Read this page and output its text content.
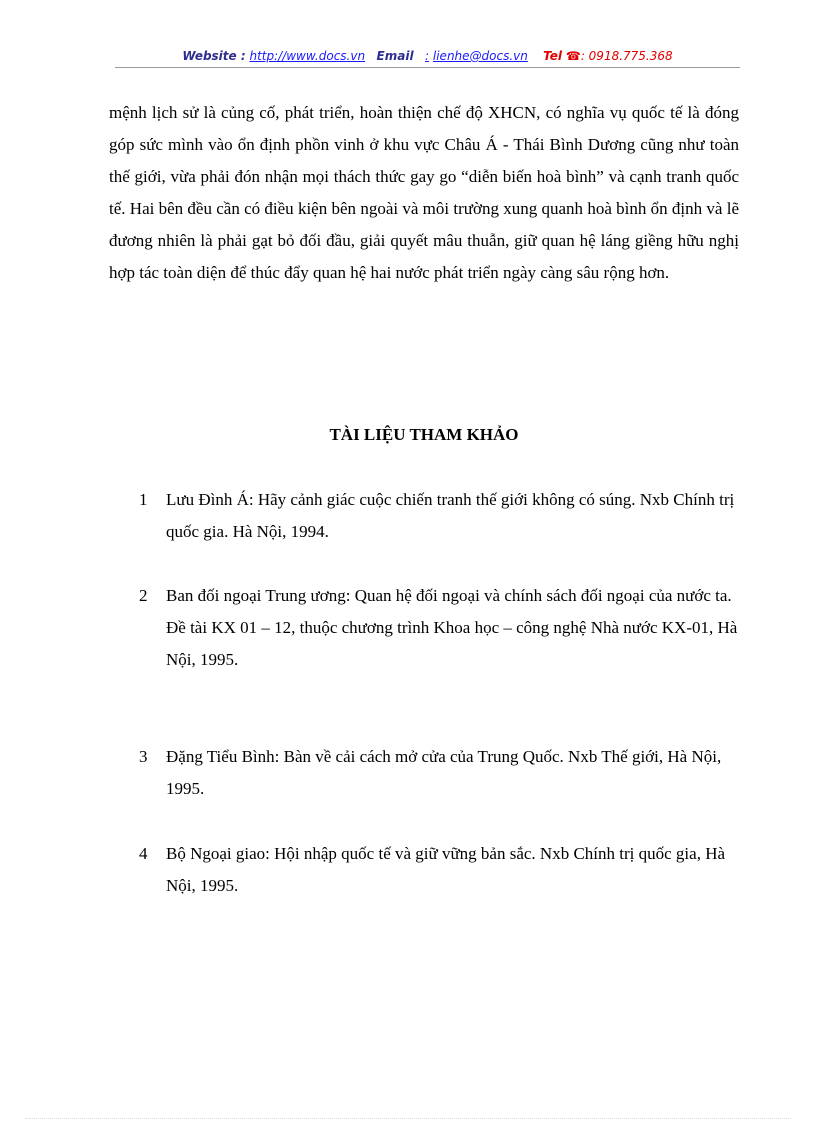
Website : http://www.docs.vn Email : lienhe@docs.vn Tel ☎: 0918.775.368

mệnh lịch sử là củng cố, phát triển, hoàn thiện chế độ XHCN, có nghĩa vụ quốc tế là đóng góp sức mình vào ổn định phồn vinh ở khu vực Châu Á - Thái Bình Dương cũng như toàn thế giới, vừa phải đón nhận mọi thách thức gay go “diễn biến hoà bình” và cạnh tranh quốc tế. Hai bên đều cần có điều kiện bên ngoài và môi trường xung quanh hoà bình ổn định và lẽ đương nhiên là phải gạt bỏ đối đầu, giải quyết mâu thuẫn, giữ quan hệ láng giềng hữu nghị hợp tác toàn diện để thúc đẩy quan hệ hai nước phát triển ngày càng sâu rộng hơn.

TÀI LIỆU THAM KHẢO
1 Lưu Đình Á: Hãy cảnh giác cuộc chiến tranh thế giới không có súng. Nxb Chính trị quốc gia. Hà Nội, 1994.
2 Ban đối ngoại Trung ương: Quan hệ đối ngoại và chính sách đối ngoại của nước ta. Đề tài KX 01 – 12, thuộc chương trình Khoa học – công nghệ Nhà nước KX-01, Hà Nội, 1995.
3 Đặng Tiểu Bình: Bàn về cải cách mở cửa của Trung Quốc. Nxb Thế giới, Hà Nội, 1995.
4 Bộ Ngoại giao: Hội nhập quốc tế và giữ vững bản sắc. Nxb Chính trị quốc gia, Hà Nội, 1995.
